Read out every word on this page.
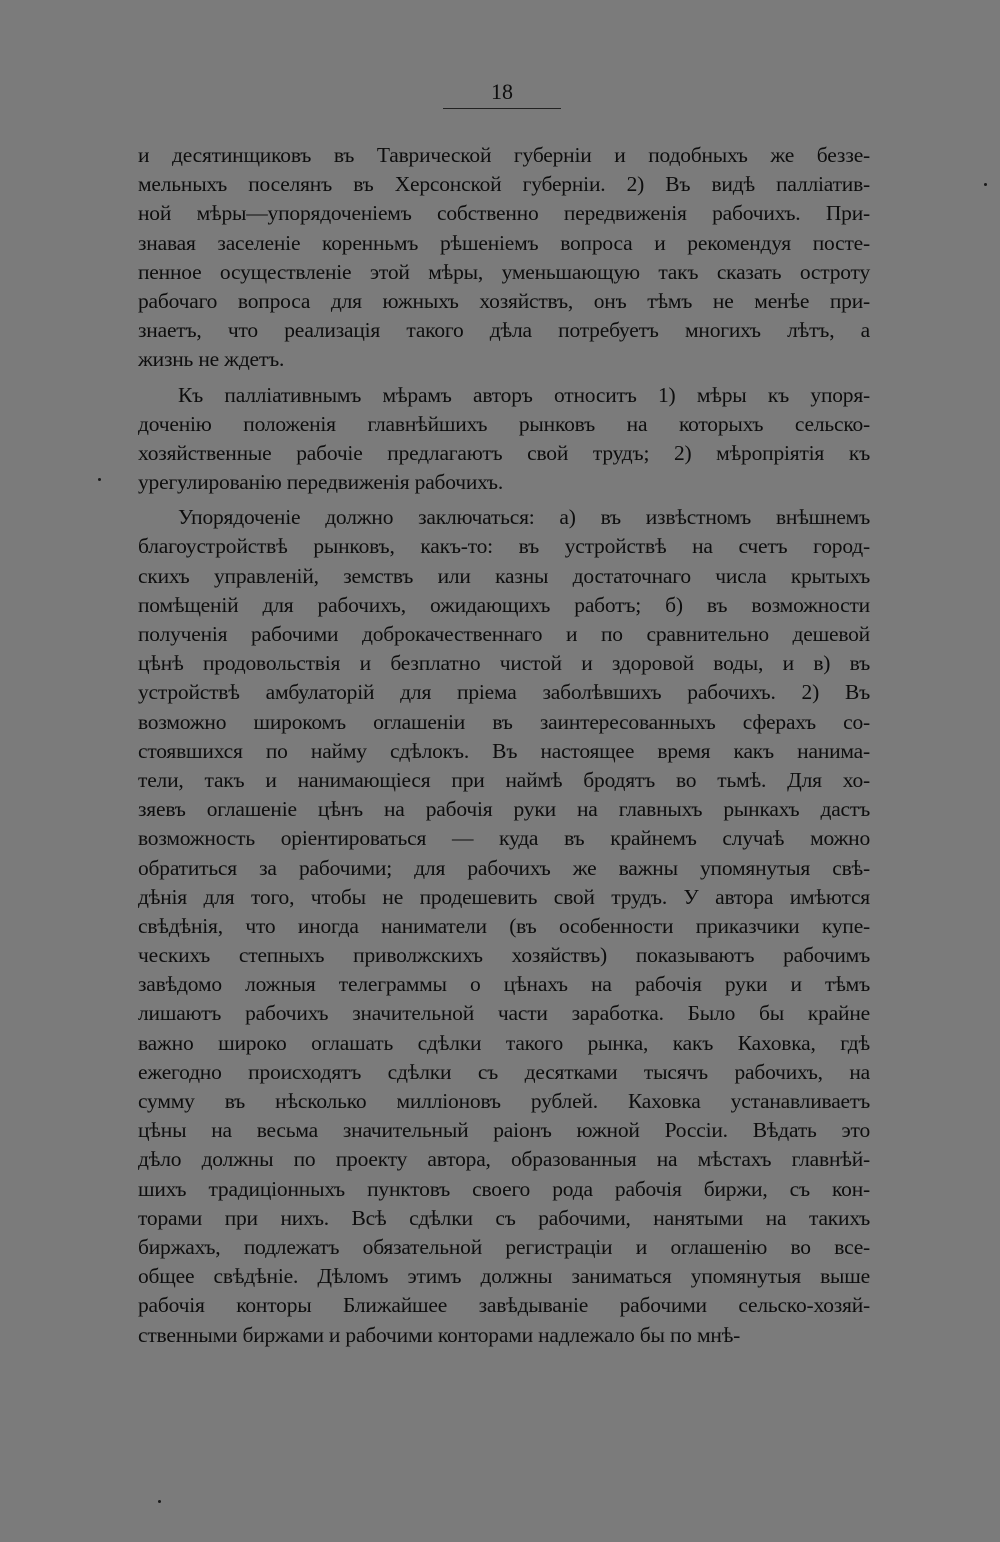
18
и десятинщиковъ въ Таврической губерніи и подобныхъ же беззе-
мельныхъ поселянъ въ Херсонской губерніи. 2) Въ видѣ паллiатив-
ной мѣры—упорядоченіемъ собственно передвиженія рабочихъ. При-
знавая заселеніе коренньмъ рѣшеніемъ вопроса и рекомендуя посте-
пенное осуществленіе этой мѣры, уменьшающую такъ сказать остроту
рабочаго вопроса для южныхъ хозяйствъ, онъ тѣмъ не менѣе при-
знаетъ, что реализація такого дѣла потребуетъ многихъ лѣтъ, а
жизнь не ждетъ.
Къ палліативнымъ мѣрамъ авторъ относитъ 1) мѣры къ упоря-
доченію положенія главнѣйшихъ рынковъ на которыхъ сельско-
хозяйственные рабочіе предлагаютъ свой трудъ; 2) мѣропріятія къ
урегулированію передвиженія рабочихъ.
Упорядоченіе должно заключаться: а) въ извѣстномъ внѣшнемъ
благоустройствѣ рынковъ, какъ-то: въ устройствѣ на счетъ город-
скихъ управленій, земствъ или казны достаточнаго числа крытыхъ
помѣщеній для рабочихъ, ожидающихъ работъ; б) въ возможности
полученія рабочими доброкачественнаго и по сравнительно дешевой
цѣнѣ продовольствія и безплатно чистой и здоровой воды, и в) въ
устройствѣ амбулаторій для пріема заболѣвшихъ рабочихъ. 2) Въ
возможно широкомъ оглашеніи въ заинтересованныхъ сферахъ со-
стоявшихся по найму сдѣлокъ. Въ настоящее время какъ нанима-
тели, такъ и нанимающіеся при наймѣ бродятъ во тьмѣ. Для хо-
зяевъ оглашеніе цѣнъ на рабочія руки на главныхъ рынкахъ дастъ
возможность оріентироваться — куда въ крайнемъ случаѣ можно
обратиться за рабочими; для рабочихъ же важны упомянутыя свѣ-
дѣнія для того, чтобы не продешевить свой трудъ. У автора имѣются
свѣдѣнія, что иногда наниматели (въ особенности приказчики купе-
ческихъ степныхъ приволжскихъ хозяйствъ) показываютъ рабочимъ
завѣдомо ложныя телеграммы о цѣнахъ на рабочія руки и тѣмъ
лишаютъ рабочихъ значительной части заработка. Было бы крайне
важно широко оглашать сдѣлки такого рынка, какъ Каховка, гдѣ
ежегодно происходятъ сдѣлки съ десятками тысячъ рабочихъ, на
сумму въ нѣсколько милліоновъ рублей. Каховка устанавливаетъ
цѣны на весьма значительный раіонъ южной Россіи. Вѣдать это
дѣло должны по проекту автора, образованныя на мѣстахъ главнѣй-
шихъ традиціонныхъ пунктовъ своего рода рабочія биржи, съ кон-
торами при нихъ. Всѣ сдѣлки съ рабочими, нанятыми на такихъ
биржахъ, подлежатъ обязательной регистраціи и оглашенію во все-
общее свѣдѣніе. Дѣломъ этимъ должны заниматься упомянутыя выше
рабочія конторы Ближайшее завѣдываніе рабочими сельско-хозяй-
ственными биржами и рабочими конторами надлежало бы по мнѣ-
